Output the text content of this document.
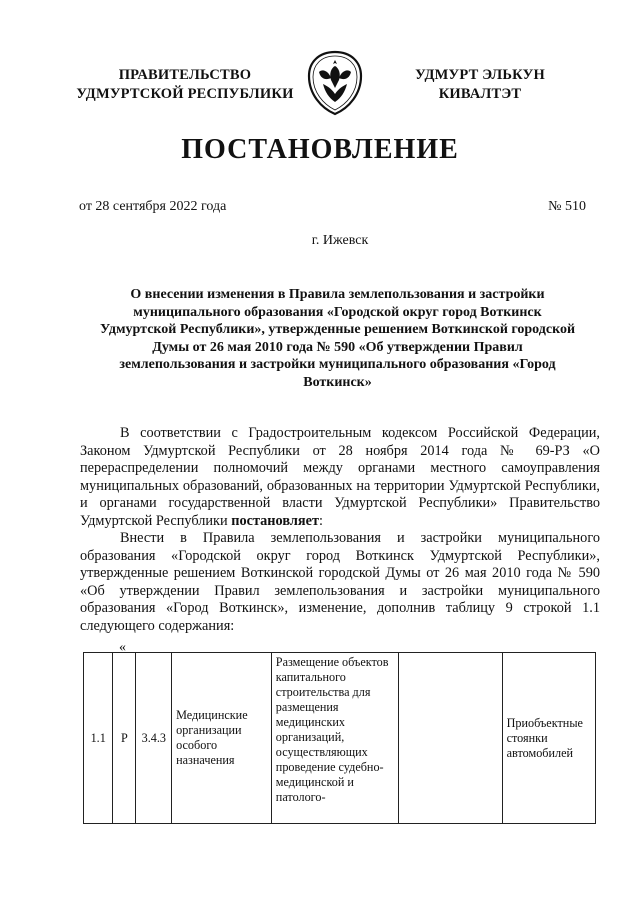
ПРАВИТЕЛЬСТВО
УДМУРТСКОЙ РЕСПУБЛИКИ
УДМУРТ ЭЛЬКУН
КИВАЛТЭТ
ПОСТАНОВЛЕНИЕ
от 28 сентября 2022 года	№ 510
г. Ижевск
О внесении изменения в Правила землепользования и застройки муниципального образования «Городской округ город Воткинск Удмуртской Республики», утвержденные решением Воткинской городской Думы от 26 мая 2010 года № 590 «Об утверждении Правил землепользования и застройки муниципального образования «Город Воткинск»

В соответствии с Градостроительным кодексом Российской Федерации, Законом Удмуртской Республики от 28 ноября 2014 года № 69-РЗ «О перераспределении полномочий между органами местного самоуправления муниципальных образований, образованных на территории Удмуртской Республики, и органами государственной власти Удмуртской Республики» Правительство Удмуртской Республики постановляет:

Внести в Правила землепользования и застройки муниципального образования «Городской округ город Воткинск Удмуртской Республики», утвержденные решением Воткинской городской Думы от 26 мая 2010 года № 590 «Об утверждении Правил землепользования и застройки муниципального образования «Город Воткинск», изменение, дополнив таблицу 9 строкой 1.1 следующего содержания:

«
1.1	Р	3.4.3	Медицинские организации особого назначения	Размещение объектов капитального строительства для размещения медицинских организаций, осуществляющих проведение судебно-медицинской и патолого-		Приобъектные стоянки автомобилей
